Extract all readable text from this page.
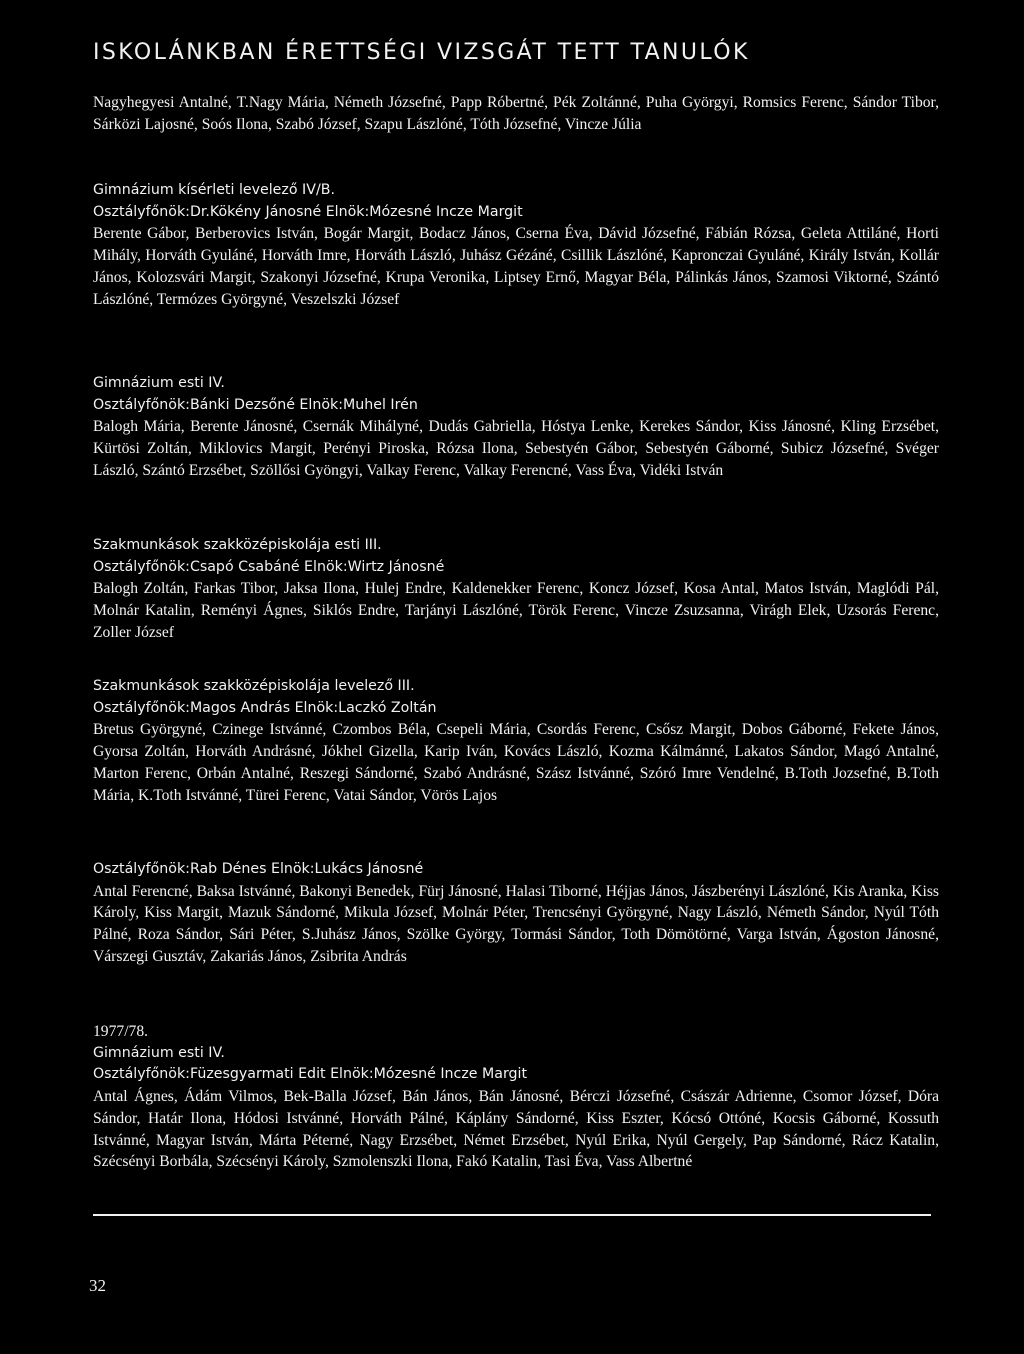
ISKOLÁNKBAN ÉRETTSÉGI VIZSGÁT TETT TANULÓK
Nagyhegyesi Antalné, T.Nagy Mária, Németh Józsefné, Papp Róbertné, Pék Zoltánné, Puha Györgyi, Romsics Ferenc, Sándor Tibor, Sárközi Lajosné, Soós Ilona, Szabó József, Szapu Lászlóné, Tóth Józsefné, Vincze Júlia
Gimnázium kísérleti levelező IV/B.
Osztályfőnök:Dr.Kökény Jánosné Elnök:Mózesné Incze Margit
Berente Gábor, Berberovics István, Bogár Margit, Bodacz János, Cserna Éva, Dávid Józsefné, Fábián Rózsa, Geleta Attiláné, Horti Mihály, Horváth Gyuláné, Horváth Imre, Horváth László, Juhász Gézáné, Csillik Lászlóné, Kapronczai Gyuláné, Király István, Kollár János, Kolozsvári Margit, Szakonyi Józsefné, Krupa Veronika, Liptsey Ernő, Magyar Béla, Pálinkás János, Szamosi Viktorné, Szántó Lászlóné, Termózes Györgyné, Veszelszki József
Gimnázium esti IV.
Osztályfőnök:Bánki Dezsőné Elnök:Muhel Irén
Balogh Mária, Berente Jánosné, Csernák Mihályné, Dudás Gabriella, Hóstya Lenke, Kerekes Sándor, Kiss Jánosné, Kling Erzsébet, Kürtösi Zoltán, Miklovics Margit, Perényi Piroska, Rózsa Ilona, Sebestyén Gábor, Sebestyén Gáborné, Subicz Józsefné, Svéger László, Szántó Erzsébet, Szöllősi Gyöngyi, Valkay Ferenc, Valkay Ferencné, Vass Éva, Vidéki István
Szakmunkások szakközépiskolája esti III.
Osztályfőnök:Csapó Csabáné Elnök:Wirtz Jánosné
Balogh Zoltán, Farkas Tibor, Jaksa Ilona, Hulej Endre, Kaldenekker Ferenc, Koncz József, Kosa Antal, Matos István, Maglódi Pál, Molnár Katalin, Reményi Ágnes, Siklós Endre, Tarjányi Lászlóné, Török Ferenc, Vincze Zsuzsanna, Virágh Elek, Uzsorás Ferenc, Zoller József
Szakmunkások szakközépiskolája levelező III.
Osztályfőnök:Magos András Elnök:Laczkó Zoltán
Bretus Györgyné, Czinege Istvánné, Czombos Béla, Csepeli Mária, Csordás Ferenc, Csősz Margit, Dobos Gáborné, Fekete János, Gyorsa Zoltán, Horváth Andrásné, Jókhel Gizella, Karip Iván, Kovács László, Kozma Kálmánné, Lakatos Sándor, Magó Antalné, Marton Ferenc, Orbán Antalné, Reszegi Sándorné, Szabó Andrásné, Szász Istvánné, Szóró Imre Vendelné, B.Toth Jozsefné, B.Toth Mária, K.Toth Istvánné, Türei Ferenc, Vatai Sándor, Vörös Lajos
Osztályfőnök:Rab Dénes Elnök:Lukács Jánosné
Antal Ferencné, Baksa Istvánné, Bakonyi Benedek, Fürj Jánosné, Halasi Tiborné, Héjjas János, Jászberényi Lászlóné, Kis Aranka, Kiss Károly, Kiss Margit, Mazuk Sándorné, Mikula József, Molnár Péter, Trencsényi Györgyné, Nagy László, Németh Sándor, Nyúl Tóth Pálné, Roza Sándor, Sári Péter, S.Juhász János, Szölke György, Tormási Sándor, Toth Dömötörné, Varga István, Ágoston Jánosné, Várszegi Gusztáv, Zakariás János, Zsibrita András
1977/78.
Gimnázium esti IV.
Osztályfőnök:Füzesgyarmati Edit Elnök:Mózesné Incze Margit
Antal Ágnes, Ádám Vilmos, Bek-Balla József, Bán János, Bán Jánosné, Bérczi Józsefné, Császár Adrienne, Csomor József, Dóra Sándor, Határ Ilona, Hódosi Istvánné, Horváth Pálné, Káplány Sándorné, Kiss Eszter, Kócsó Ottóné, Kocsis Gáborné, Kossuth Istvánné, Magyar István, Márta Péterné, Nagy Erzsébet, Német Erzsébet, Nyúl Erika, Nyúl Gergely, Pap Sándorné, Rácz Katalin, Szécsényi Borbála, Szécsényi Károly, Szmolenszki Ilona, Fakó Katalin, Tasi Éva, Vass Albertné
32
